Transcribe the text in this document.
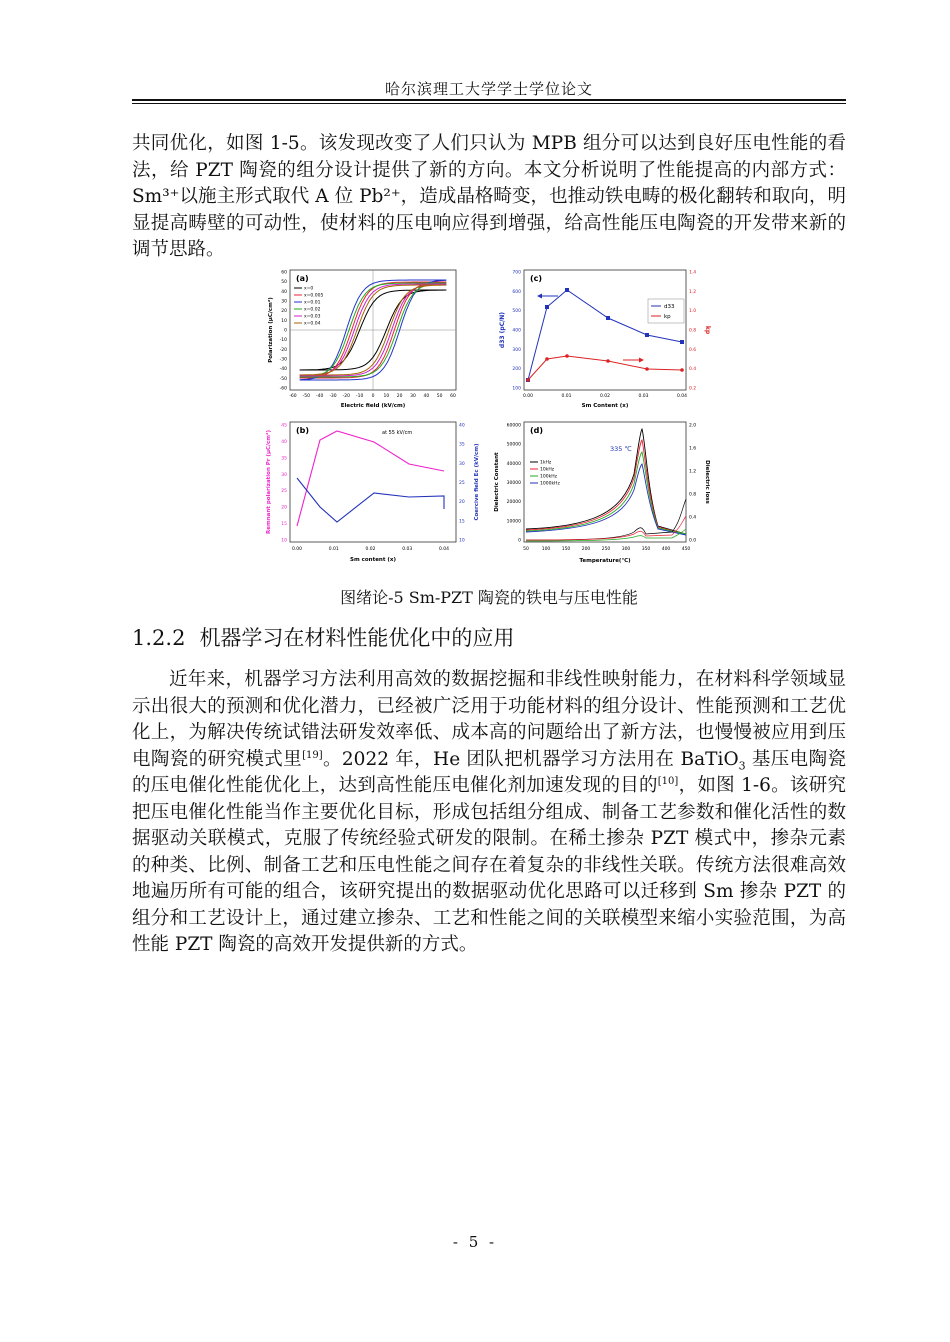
哈尔滨理工大学学士学位论文

共同优化，如图 1-5。该发现改变了人们只认为 MPB 组分可以达到良好压电性能的看法，给 PZT 陶瓷的组分设计提供了新的方向。本文分析说明了性能提高的内部方式：Sm³⁺以施主形式取代 A 位 Pb²⁺，造成晶格畸变，也推动铁电畴的极化翻转和取向，明显提高畴壁的可动性，使材料的压电响应得到增强，给高性能压电陶瓷的开发带来新的调节思路。

(a)
x=0
x=0.005
x=0.01
x=0.02
x=0.03
x=0.04
-60 -50 -40 -30 -20 -10 0 10 20 30 40 50 60
60
50
40
30
20
10
0
-10
-20
-30
-40
-50
-60
Electric field (kV/cm)
Polarization (μC/cm²)
(c)
d33
kp
0.00	0.01	0.02	0.03	0.04
700
600
500
400
300
200
100
1.4
1.2
1.0
0.8
0.6
0.4
0.2
Sm Content (x)
d33 (pC/N)	kp
(b)	at 55 kV/cm
0.00	0.01	0.02	0.03	0.04
45
40
35
30
25
20
15
10
40
35
30
25
20
15
10
Sm content (x)
Remnant polarization Pr (μC/cm²)	Coercive field Ec (kV/cm)
(d)
335 ℃
1kHz
10kHz
100kHz
1000kHz
50	100	150	200	250	300	350	400	450
60000
50000
40000
30000
20000
10000
0
2.0
1.6
1.2
0.8
0.4
0.0
Temperature(℃)
Dielectric Constant	Dielectric loss
图绪论-5 Sm-PZT 陶瓷的铁电与压电性能
1.2.2 机器学习在材料性能优化中的应用

近年来，机器学习方法利用高效的数据挖掘和非线性映射能力，在材料科学领域显示出很大的预测和优化潜力，已经被广泛用于功能材料的组分设计、性能预测和工艺优化上，为解决传统试错法研发效率低、成本高的问题给出了新方法，也慢慢被应用到压电陶瓷的研究模式里[19]。2022 年，He 团队把机器学习方法用在 BaTiO$_3$ 基压电陶瓷的压电催化性能优化上，达到高性能压电催化剂加速发现的目的[10]，如图 1-6。该研究把压电催化性能当作主要优化目标，形成包括组分组成、制备工艺参数和催化活性的数据驱动关联模式，克服了传统经验式研发的限制。在稀土掺杂 PZT 模式中，掺杂元素的种类、比例、制备工艺和压电性能之间存在着复杂的非线性关联。传统方法很难高效地遍历所有可能的组合，该研究提出的数据驱动优化思路可以迁移到 Sm 掺杂 PZT 的组分和工艺设计上，通过建立掺杂、工艺和性能之间的关联模型来缩小实验范围，为高性能 PZT 陶瓷的高效开发提供新的方式。

- 5 -
